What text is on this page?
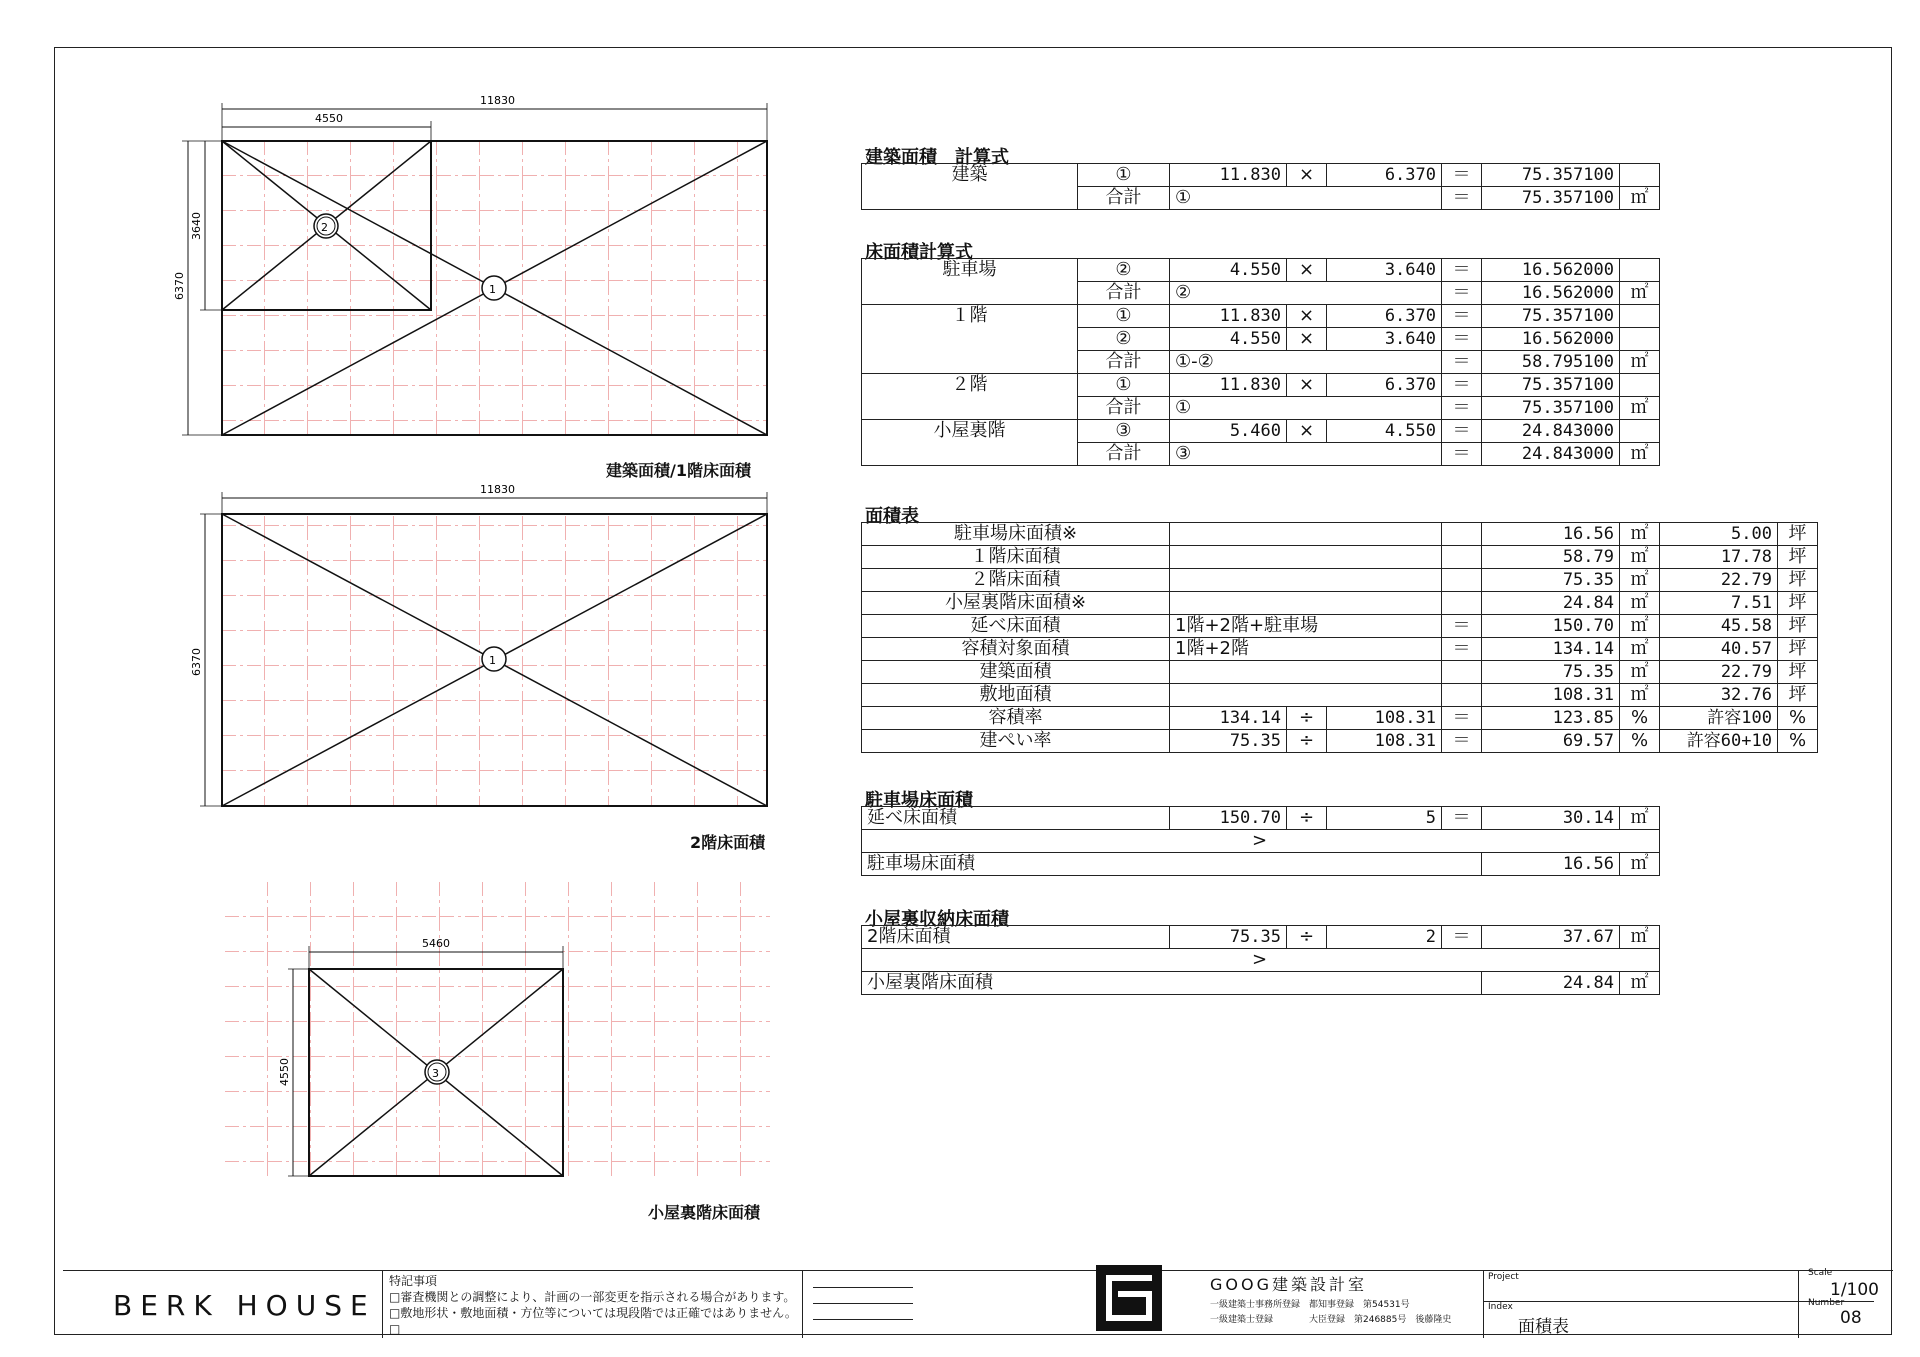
11830
4550
6370
3640
1
2
11830
6370	1
5460
4550	3
建築面積/1階床面積
2階床面積
小屋裏階床面積
建築面積　計算式
建築	①	11.830	×	6.370	＝	75.357100	
	合計	①			＝	75.357100	㎡
床面積計算式
駐車場	②	4.550	×	3.640	＝	16.562000	
	合計	②			＝	16.562000	㎡
１階	①	11.830	×	6.370	＝	75.357100	
	②	4.550	×	3.640	＝	16.562000	
	合計	①-②			＝	58.795100	㎡
２階	①	11.830	×	6.370	＝	75.357100	
	合計	①			＝	75.357100	㎡
小屋裏階	③	5.460	×	4.550	＝	24.843000	
	合計	③			＝	24.843000	㎡
面積表
駐車場床面積※					16.56	㎡	5.00	坪
１階床面積					58.79	㎡	17.78	坪
２階床面積					75.35	㎡	22.79	坪
小屋裏階床面積※					24.84	㎡	7.51	坪
延べ床面積	1階+2階+駐車場			＝	150.70	㎡	45.58	坪
容積対象面積	1階+2階			＝	134.14	㎡	40.57	坪
建築面積					75.35	㎡	22.79	坪
敷地面積					108.31	㎡	32.76	坪
容積率	134.14	÷	108.31	＝	123.85	%	許容100	%
建ぺい率	75.35	÷	108.31	＝	69.57	%	許容60+10	%
駐車場床面積
延べ床面積	150.70	÷	5	＝	30.14	㎡
>						
駐車場床面積					16.56	㎡
小屋裏収納床面積
2階床面積	75.35	÷	2	＝	37.67	㎡
>						
小屋裏階床面積					24.84	㎡
BERK HOUSE
特記事項
□審査機関との調整により、計画の一部変更を指示される場合があります。
□敷地形状・敷地面積・方位等については現段階では正確ではありません。
□
GOOG建築設計室
一級建築士事務所登録　都知事登録　第54531号
一級建築士登録　　　　大臣登録　第246885号　後藤隆史
Project
Index
面積表
Scale
1/100
Number
08
